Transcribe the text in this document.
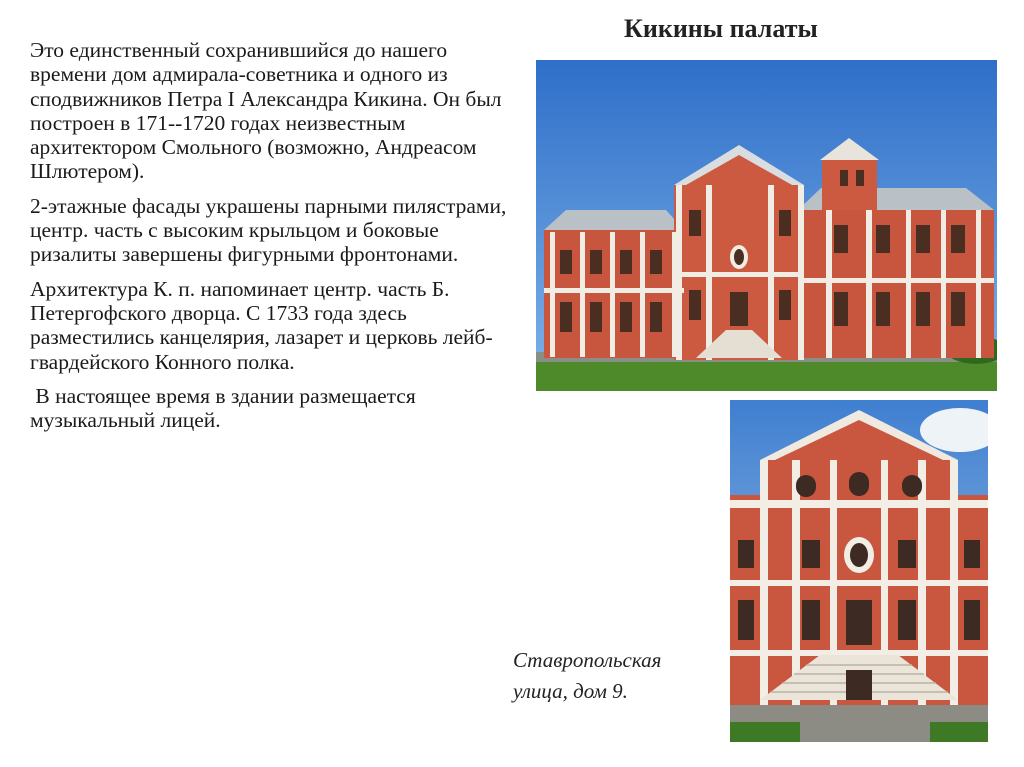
Кикины палаты

Это единственный сохранившийся до нашего времени дом адмирала-советника и одного из сподвижников Петра I Александра Кикина. Он был построен в 171--1720 годах неизвестным архитектором Смольного (возможно, Андреасом Шлютером).

2-этажные фасады украшены парными пилястрами, центр. часть с высоким крыльцом и боковые ризалиты завершены фигурными фронтонами.

Архитектура К. п. напоминает центр. часть Б. Петергофского дворца. С 1733 года здесь разместились канцелярия, лазарет и церковь лейб-гвардейского Конного полка.

В настоящее время в здании размещается музыкальный лицей.

Ставропольская
улица, дом 9.
